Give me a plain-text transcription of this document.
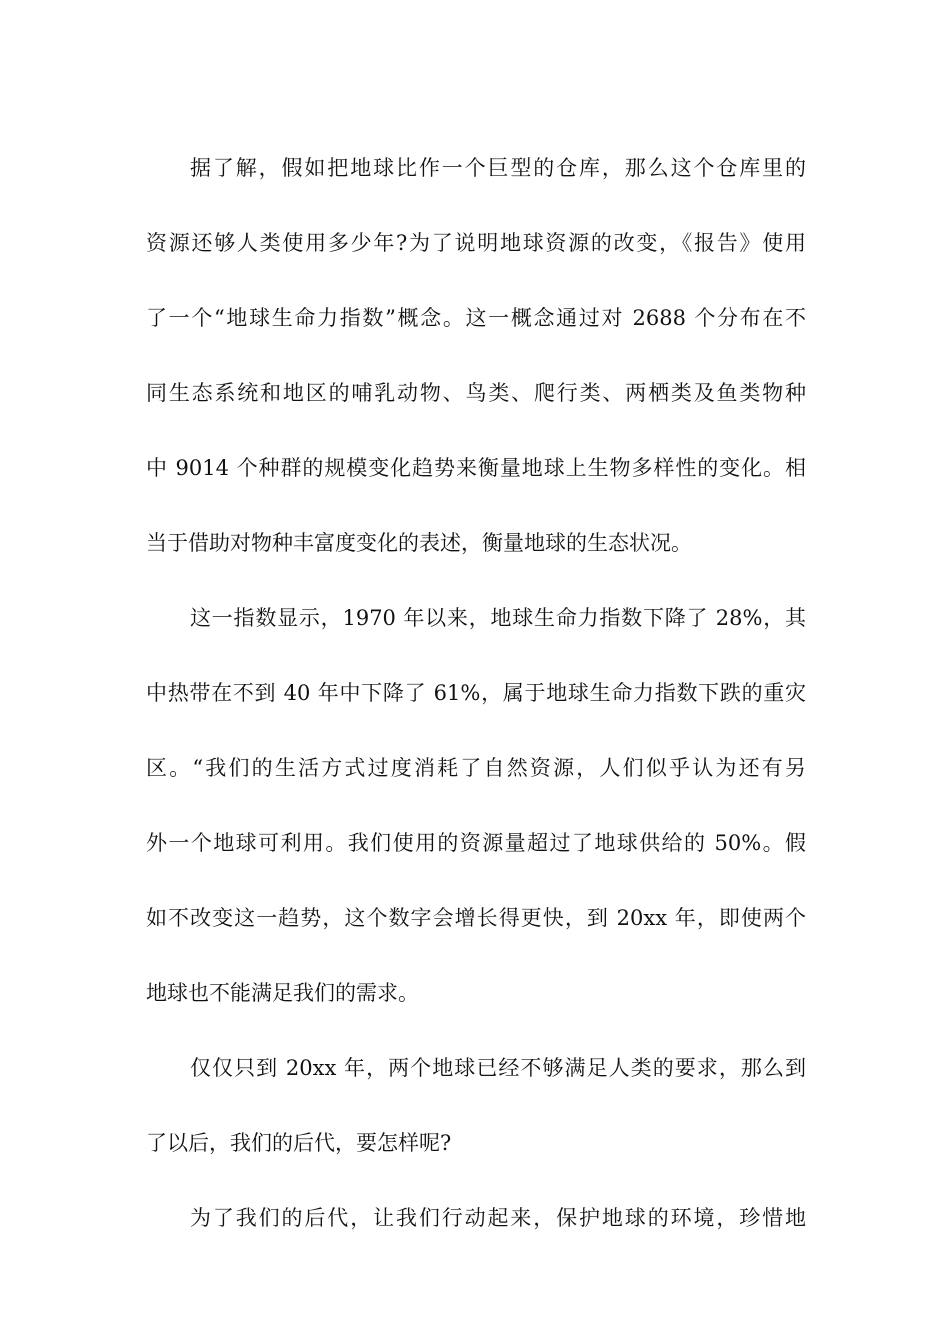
据了解，假如把地球比作一个巨型的仓库，那么这个仓库里的
资源还够人类使用多少年?为了说明地球资源的改变，《报告》使用
了一个“地球生命力指数”概念。这一概念通过对 2688 个分布在不
同生态系统和地区的哺乳动物、鸟类、爬行类、两栖类及鱼类物种
中 9014 个种群的规模变化趋势来衡量地球上生物多样性的变化。相
当于借助对物种丰富度变化的表述，衡量地球的生态状况。
这一指数显示，1970 年以来，地球生命力指数下降了 28%，其
中热带在不到 40 年中下降了 61%，属于地球生命力指数下跌的重灾
区。“我们的生活方式过度消耗了自然资源，人们似乎认为还有另
外一个地球可利用。我们使用的资源量超过了地球供给的 50%。假
如不改变这一趋势，这个数字会增长得更快，到 20xx 年，即使两个
地球也不能满足我们的需求。
仅仅只到 20xx 年，两个地球已经不够满足人类的要求，那么到
了以后，我们的后代，要怎样呢?
为了我们的后代，让我们行动起来，保护地球的环境，珍惜地
